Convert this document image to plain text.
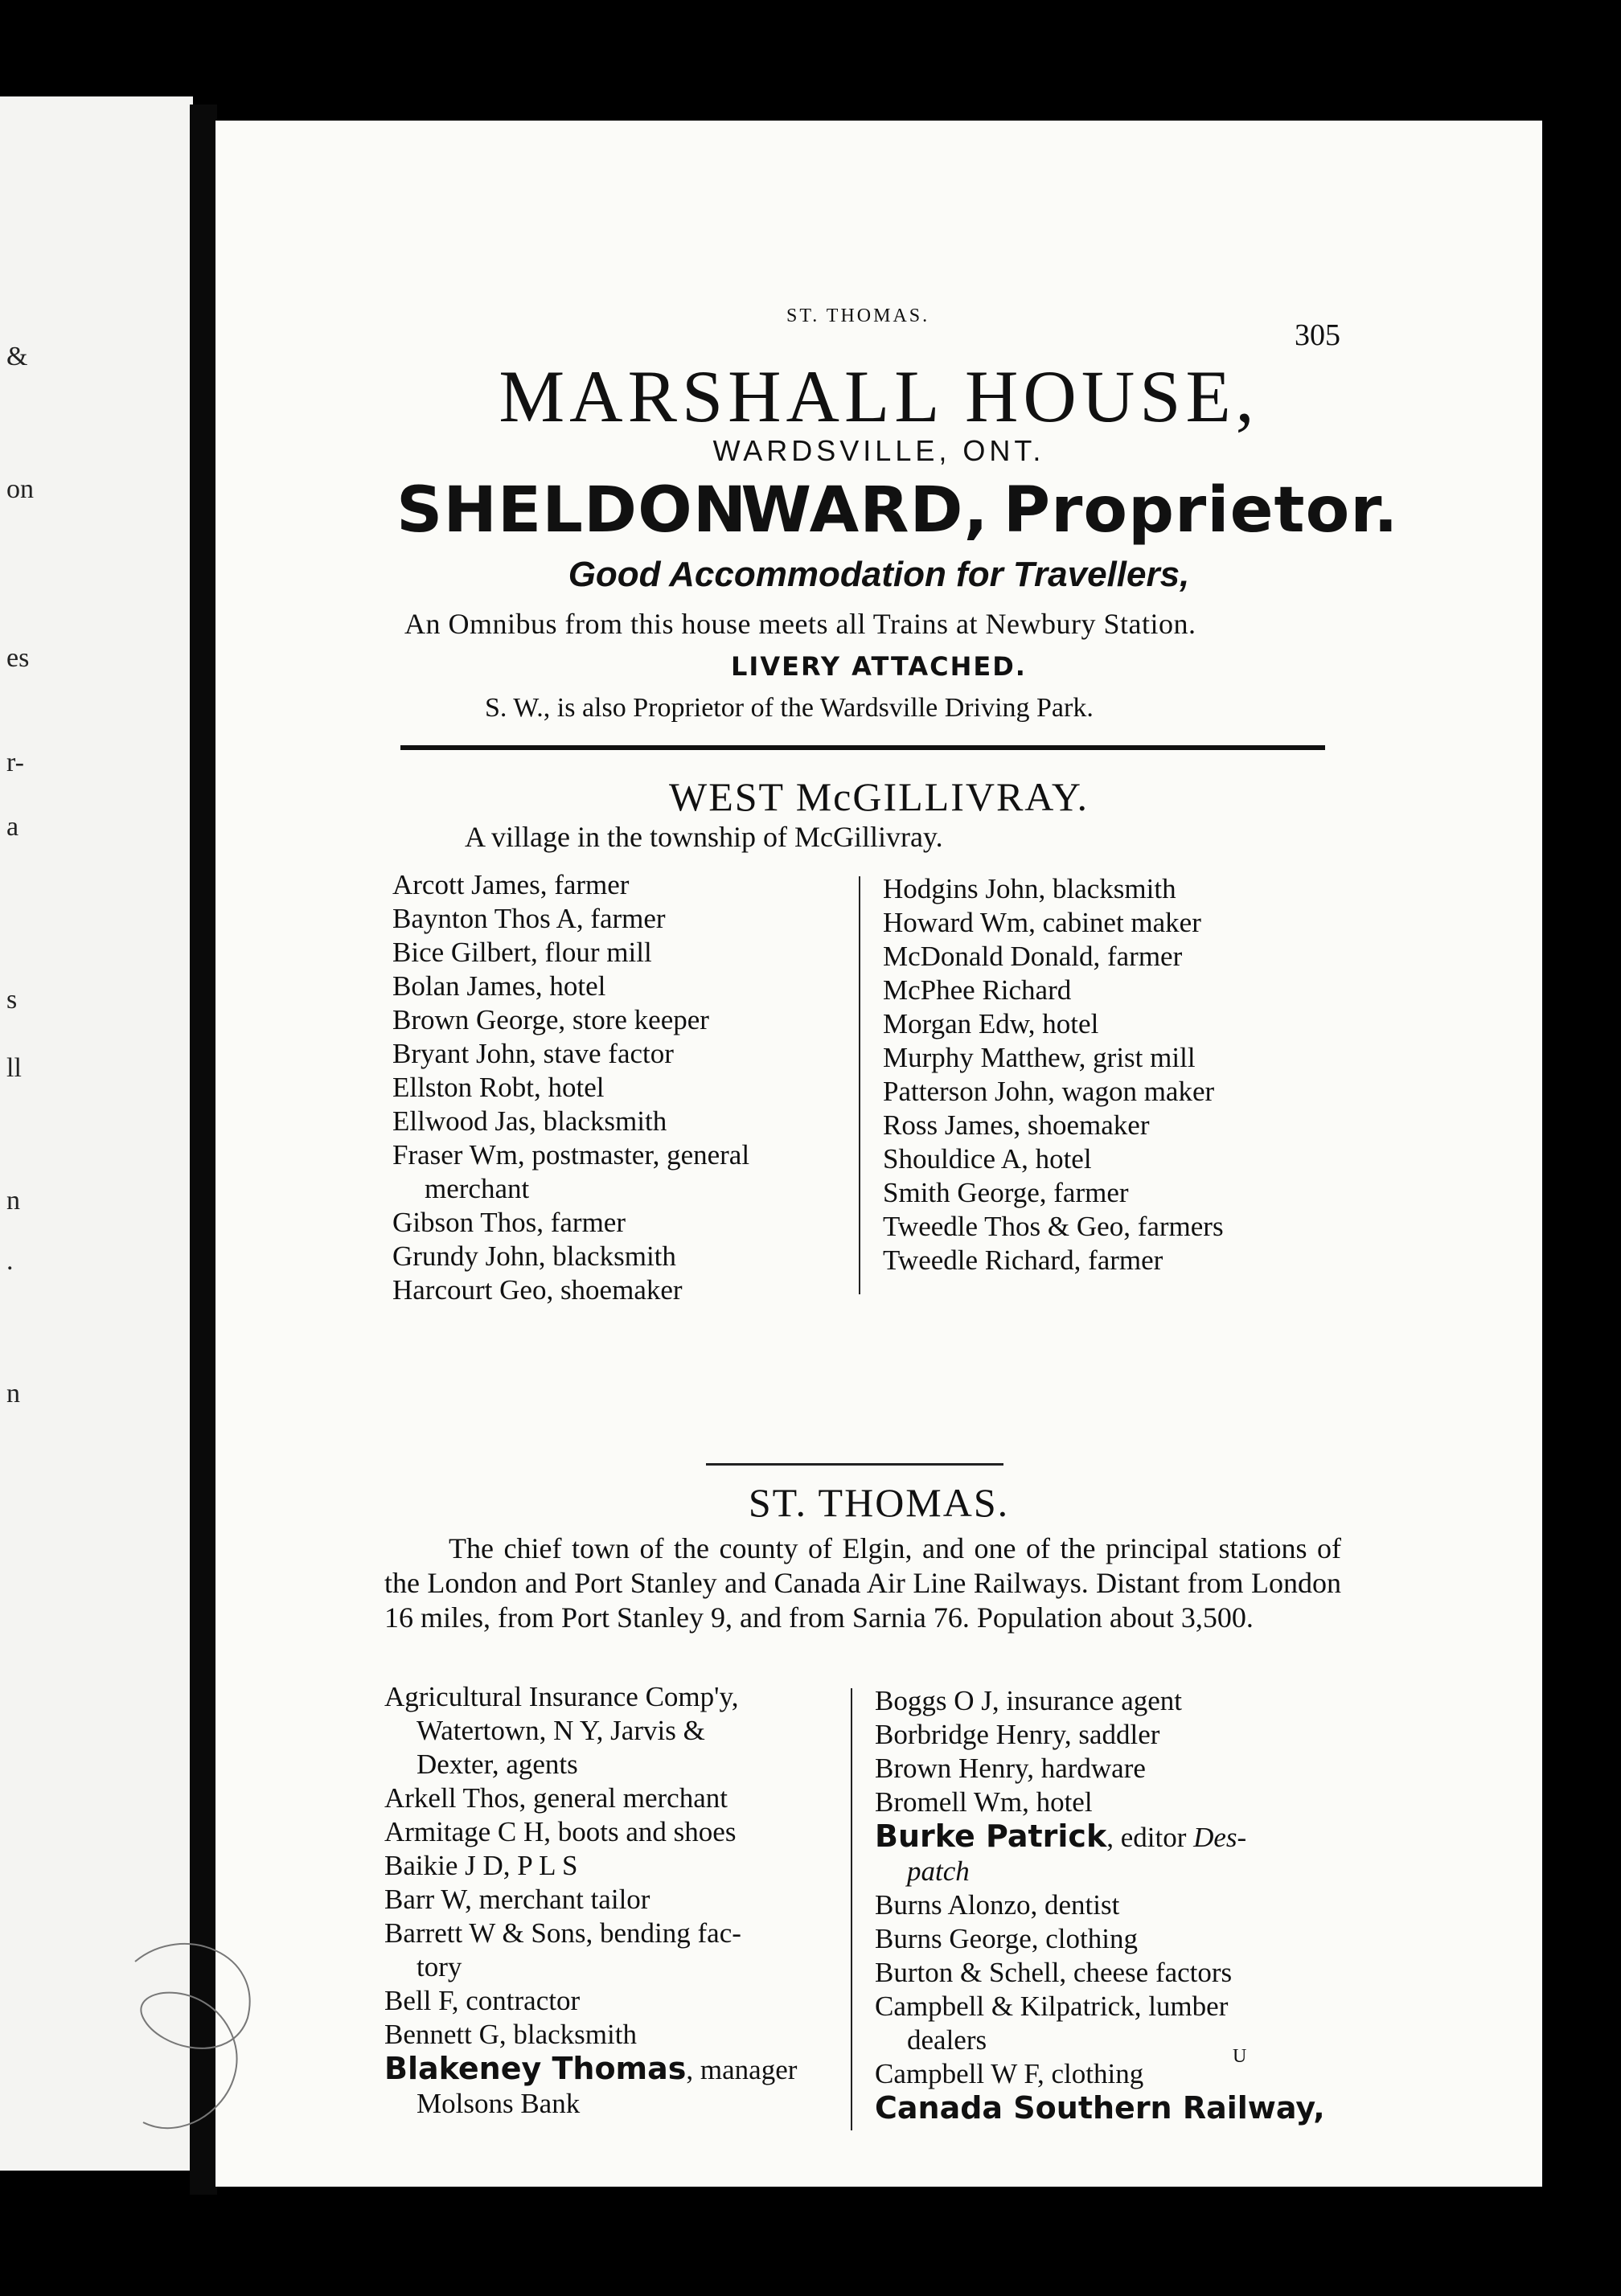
&
on
es
r-
a
s
ll
n
.
n
ST. THOMAS.
305
MARSHALL HOUSE,
WARDSVILLE, ONT.
SHELDONWARD, Proprietor.
Good Accommodation for Travellers,
An Omnibus from this house meets all Trains at Newbury Station.
LIVERY ATTACHED.
S. W., is also Proprietor of the Wardsville Driving Park.
WEST McGILLIVRAY.
A village in the township of McGillivray.
Arcott James, farmer
Baynton Thos A, farmer
Bice Gilbert, flour mill
Bolan James, hotel
Brown George, store keeper
Bryant John, stave factor
Ellston Robt, hotel
Ellwood Jas, blacksmith
Fraser Wm, postmaster, general
merchant
Gibson Thos, farmer
Grundy John, blacksmith
Harcourt Geo, shoemaker
Hodgins John, blacksmith
Howard Wm, cabinet maker
McDonald Donald, farmer
McPhee Richard
Morgan Edw, hotel
Murphy Matthew, grist mill
Patterson John, wagon maker
Ross James, shoemaker
Shouldice A, hotel
Smith George, farmer
Tweedle Thos & Geo, farmers
Tweedle Richard, farmer
ST. THOMAS.
The chief town of the county of Elgin, and one of the principal stations of the London and Port Stanley and Canada Air Line Railways. Distant from London 16 miles, from Port Stanley 9, and from Sarnia 76. Population about 3,500.
Agricultural Insurance Comp'y,
Watertown, N Y, Jarvis &
Dexter, agents
Arkell Thos, general merchant
Armitage C H, boots and shoes
Baikie J D, P L S
Barr W, merchant tailor
Barrett W & Sons, bending fac-
tory
Bell F, contractor
Bennett G, blacksmith
Blakeney Thomas, manager
Molsons Bank
Boggs O J, insurance agent
Borbridge Henry, saddler
Brown Henry, hardware
Bromell Wm, hotel
Burke Patrick, editor Des-
patch
Burns Alonzo, dentist
Burns George, clothing
Burton & Schell, cheese factors
Campbell & Kilpatrick, lumber
dealers
Campbell W F, clothing
Canada Southern Railway,
U
